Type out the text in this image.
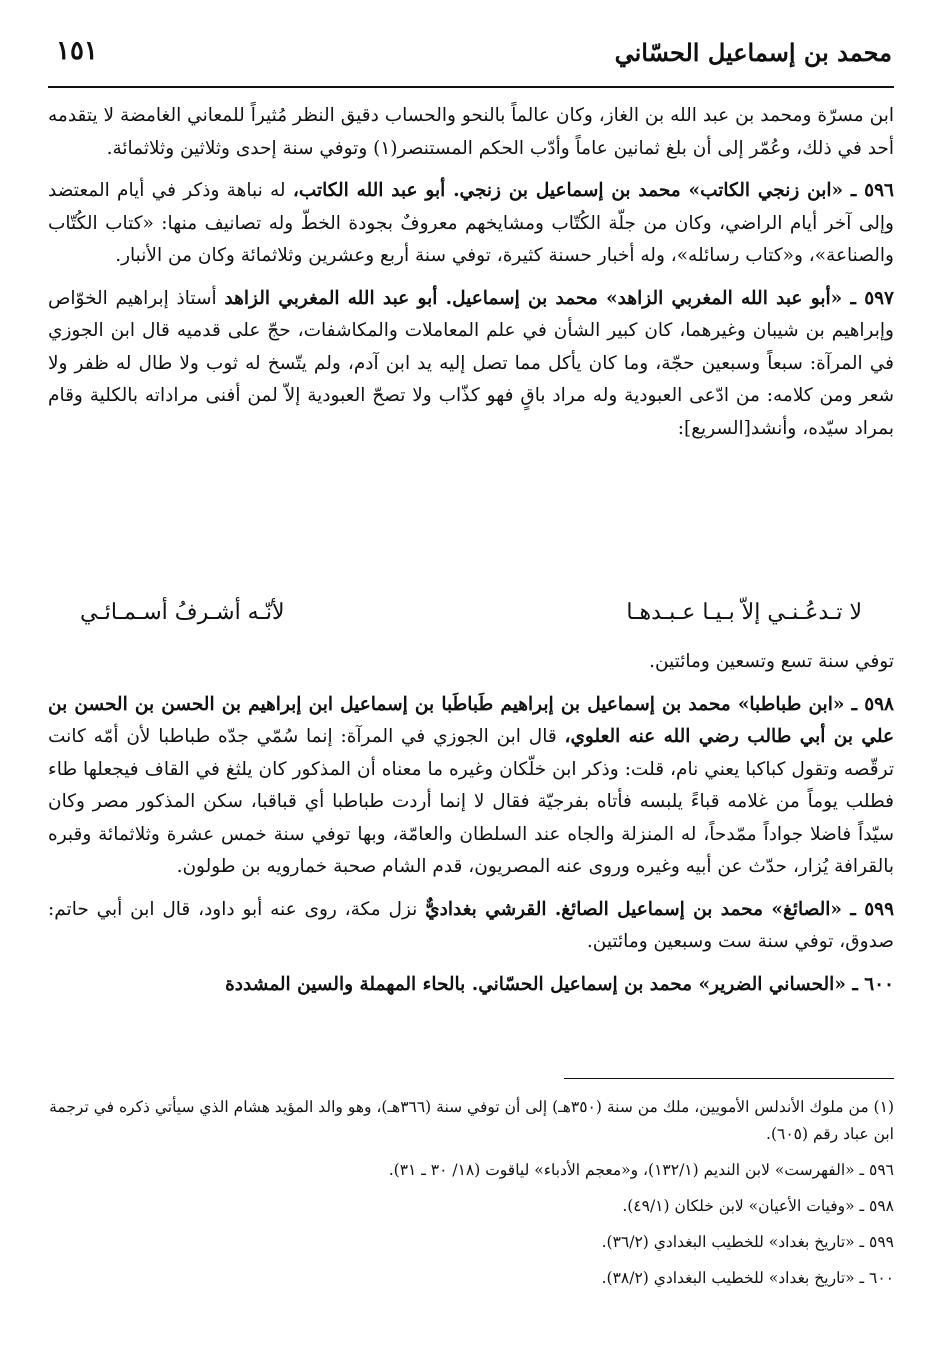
١٥١	محمد بن إسماعيل الحسّاني

ابن مسرّة ومحمد بن عبد الله بن الغاز، وكان عالماً بالنحو والحساب دقيق النظر مُثيراً للمعاني الغامضة لا يتقدمه أحد في ذلك، وعُمّر إلى أن بلغ ثمانين عاماً وأدّب الحكم المستنصر(١) وتوفي سنة إحدى وثلاثين وثلاثمائة.

٥٩٦ ـ «ابن زنجي الكاتب» محمد بن إسماعيل بن زنجي. أبو عبد الله الكاتب، له نباهة وذكر في أيام المعتضد وإلى آخر أيام الراضي، وكان من جلّة الكُتّاب ومشايخهم معروفٌ بجودة الخطّ وله تصانيف منها: «كتاب الكُتّاب والصناعة»، و«كتاب رسائله»، وله أخبار حسنة كثيرة، توفي سنة أربع وعشرين وثلاثمائة وكان من الأنبار.

٥٩٧ ـ «أبو عبد الله المغربي الزاهد» محمد بن إسماعيل. أبو عبد الله المغربي الزاهد أستاذ إبراهيم الخوّاص وإبراهيم بن شيبان وغيرهما، كان كبير الشأن في علم المعاملات والمكاشفات، حجّ على قدميه قال ابن الجوزي في المرآة: سبعاً وسبعين حجّة، وما كان يأكل مما تصل إليه يد ابن آدم، ولم يتّسخ له ثوب ولا طال له ظفر ولا شعر ومن كلامه: من ادّعى العبودية وله مراد باقٍ فهو كذّاب ولا تصحّ العبودية إلاّ لمن أفنى مراداته بالكلية وقام بمراد سيّده، وأنشد[السريع]:

لا تـدعُـنـي إلاّ بـيـا عـبـدهـا
لأنّـه أشـرفُ أسـمـائـي

توفي سنة تسع وتسعين ومائتين.

٥٩٨ ـ «ابن طباطبا» محمد بن إسماعيل بن إبراهيم طَباطَبا بن إسماعيل ابن إبراهيم بن الحسن بن الحسن بن علي بن أبي طالب رضي الله عنه العلوي، قال ابن الجوزي في المرآة: إنما سُمّي جدّه طباطبا لأن أمّه كانت ترقّصه وتقول كباكبا يعني نام، قلت: وذكر ابن خلّكان وغيره ما معناه أن المذكور كان يلثغ في القاف فيجعلها طاء فطلب يوماً من غلامه قباءً يلبسه فأتاه بفرجيّة فقال لا إنما أردت طباطبا أي قباقبا، سكن المذكور مصر وكان سيّداً فاضلا جواداً ممّدحاً، له المنزلة والجاه عند السلطان والعامّة، وبها توفي سنة خمس عشرة وثلاثمائة وقبره بالقرافة يُزار، حدّث عن أبيه وغيره وروى عنه المصريون، قدم الشام صحبة خمارويه بن طولون.

٥٩٩ ـ «الصائغ» محمد بن إسماعيل الصائغ. القرشي بغداديٌّ نزل مكة، روى عنه أبو داود، قال ابن أبي حاتم: صدوق، توفي سنة ست وسبعين ومائتين.

٦٠٠ ـ «الحساني الضرير» محمد بن إسماعيل الحسّاني. بالحاء المهملة والسين المشددة

(١) من ملوك الأندلس الأمويين، ملك من سنة (٣٥٠هـ) إلى أن توفي سنة (٣٦٦هـ)، وهو والد المؤيد هشام الذي سيأتي ذكره في ترجمة ابن عباد رقم (٦٠٥).

٥٩٦ ـ «الفهرست» لابن النديم (١٣٢/١)، و«معجم الأدباء» لياقوت (١٨/ ٣٠ ـ ٣١).

٥٩٨ ـ «وفيات الأعيان» لابن خلكان (٤٩/١).

٥٩٩ ـ «تاريخ بغداد» للخطيب البغدادي (٣٦/٢).

٦٠٠ ـ «تاريخ بغداد» للخطيب البغدادي (٣٨/٢).
